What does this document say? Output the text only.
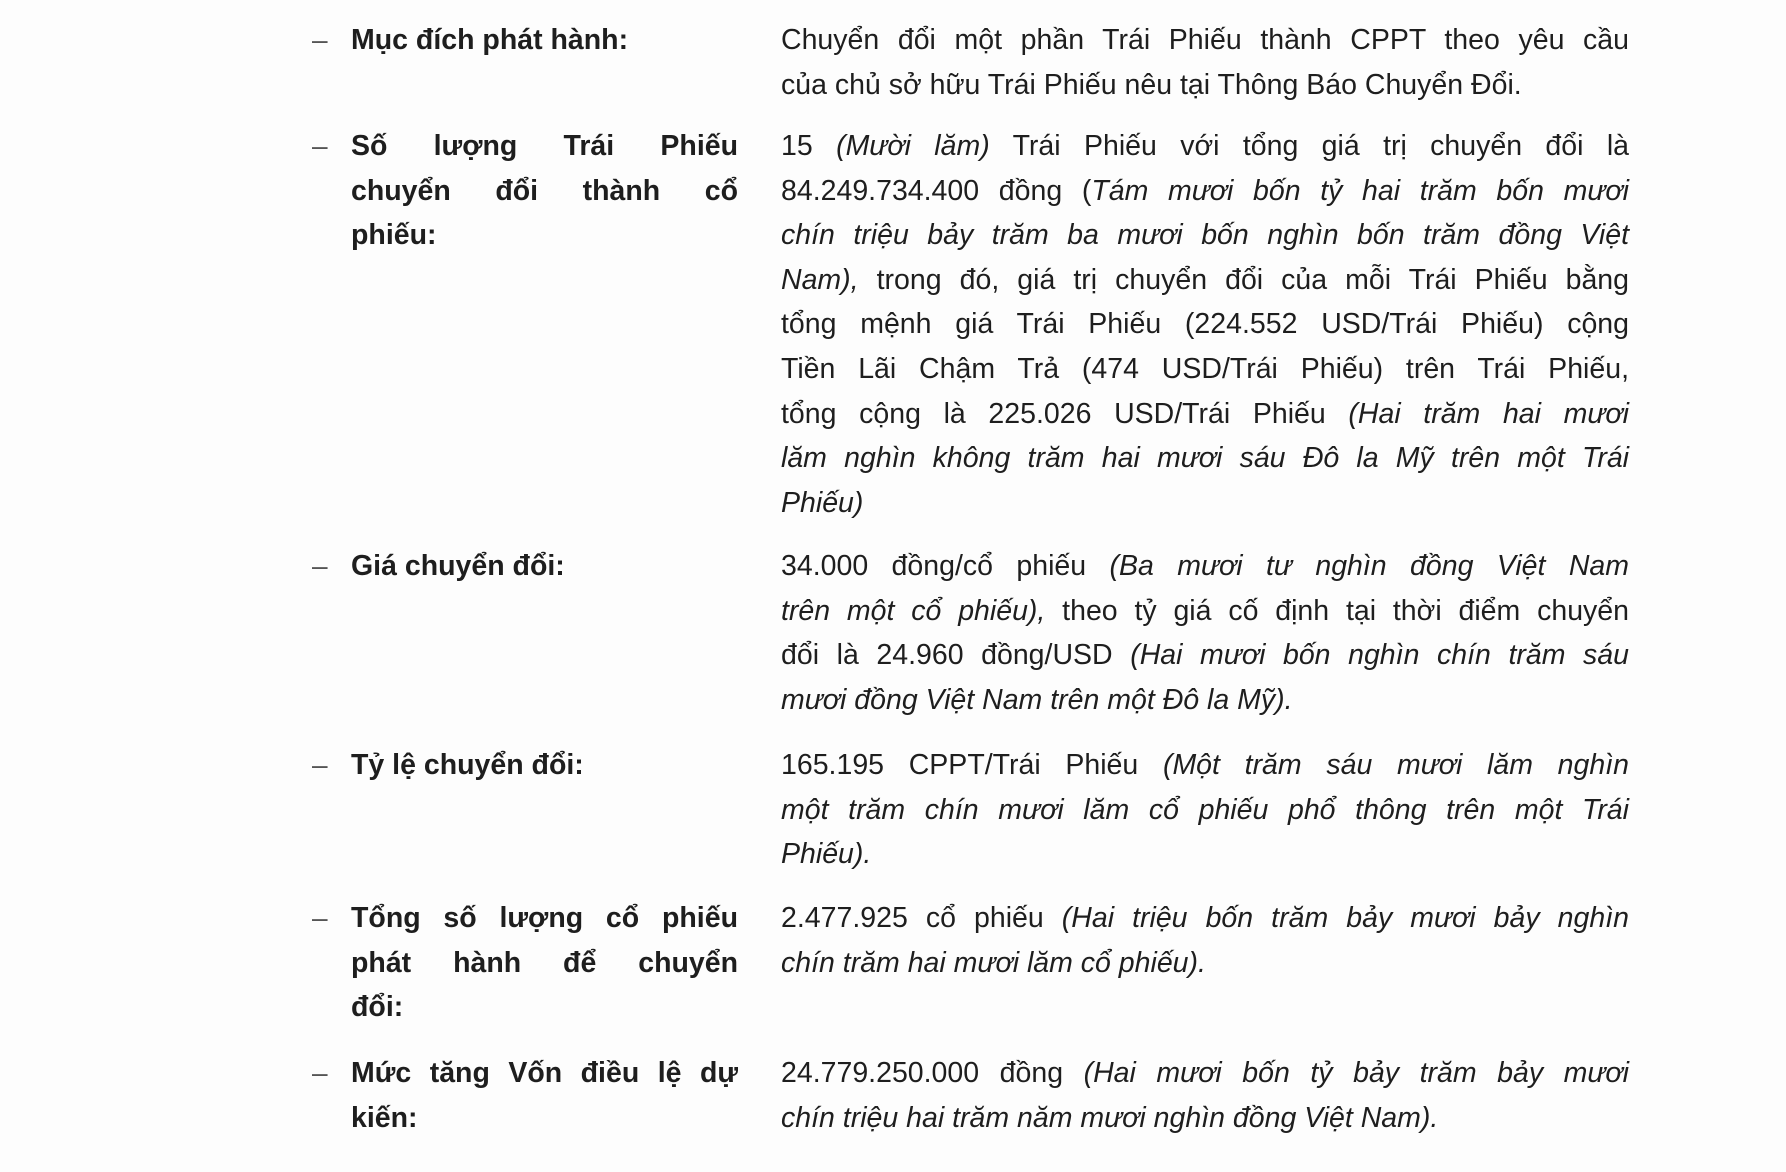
– Mục đích phát hành:	Chuyển đổi một phần Trái Phiếu thành CPPT theo yêu cầu
của chủ sở hữu Trái Phiếu nêu tại Thông Báo Chuyển Đổi.
– Số lượng Trái Phiếu
chuyển đổi thành cổ
phiếu:
15 (Mười lăm) Trái Phiếu với tổng giá trị chuyển đổi là
84.249.734.400 đồng (Tám mươi bốn tỷ hai trăm bốn mươi
chín triệu bảy trăm ba mươi bốn nghìn bốn trăm đồng Việt
Nam), trong đó, giá trị chuyển đổi của mỗi Trái Phiếu bằng
tổng mệnh giá Trái Phiếu (224.552 USD/Trái Phiếu) cộng
Tiền Lãi Chậm Trả (474 USD/Trái Phiếu) trên Trái Phiếu,
tổng cộng là 225.026 USD/Trái Phiếu (Hai trăm hai mươi
lăm nghìn không trăm hai mươi sáu Đô la Mỹ trên một Trái
Phiếu)
– Giá chuyển đổi:	34.000 đồng/cổ phiếu (Ba mươi tư nghìn đồng Việt Nam
trên một cổ phiếu), theo tỷ giá cố định tại thời điểm chuyển
đổi là 24.960 đồng/USD (Hai mươi bốn nghìn chín trăm sáu
mươi đồng Việt Nam trên một Đô la Mỹ).
– Tỷ lệ chuyển đổi:	165.195 CPPT/Trái Phiếu (Một trăm sáu mươi lăm nghìn
một trăm chín mươi lăm cổ phiếu phổ thông trên một Trái
Phiếu).
– Tổng số lượng cổ phiếu
phát hành để chuyển
đổi:
2.477.925 cổ phiếu (Hai triệu bốn trăm bảy mươi bảy nghìn
chín trăm hai mươi lăm cổ phiếu).
– Mức tăng Vốn điều lệ dự
kiến:
24.779.250.000 đồng (Hai mươi bốn tỷ bảy trăm bảy mươi
chín triệu hai trăm năm mươi nghìn đồng Việt Nam).
